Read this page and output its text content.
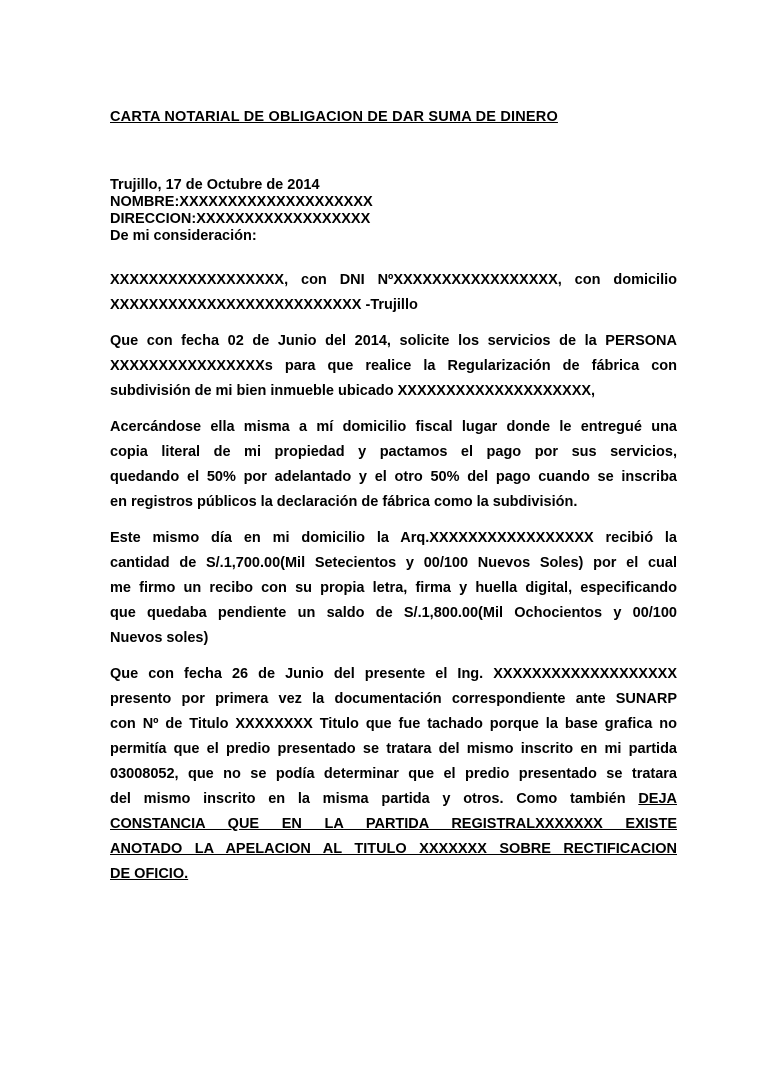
CARTA NOTARIAL DE OBLIGACION DE DAR SUMA DE DINERO
Trujillo, 17 de Octubre de 2014
NOMBRE:XXXXXXXXXXXXXXXXXXXX
DIRECCION:XXXXXXXXXXXXXXXXXX
De mi consideración:
XXXXXXXXXXXXXXXXXX, con DNI NºXXXXXXXXXXXXXXXXX, con domicilio
XXXXXXXXXXXXXXXXXXXXXXXXXX -Trujillo
Que con fecha 02 de Junio del 2014, solicite los servicios de la PERSONA
XXXXXXXXXXXXXXXXs para que realice la Regularización de fábrica con
subdivisión de mi bien inmueble ubicado XXXXXXXXXXXXXXXXXXXX,
Acercándose ella misma a mí domicilio fiscal lugar donde le entregué una
copia literal de mi propiedad y pactamos el pago por sus servicios,
quedando el 50% por adelantado y el otro 50% del pago cuando se inscriba
en registros públicos la declaración de fábrica como la subdivisión.
Este mismo día en mi domicilio la Arq.XXXXXXXXXXXXXXXXX recibió la
cantidad de S/.1,700.00(Mil Setecientos y 00/100 Nuevos Soles) por el cual
me firmo un recibo con su propia letra, firma y huella digital, especificando
que quedaba pendiente un saldo de S/.1,800.00(Mil Ochocientos y 00/100
Nuevos soles)
Que con fecha 26 de Junio del presente el Ing. XXXXXXXXXXXXXXXXXXX
presento por primera vez la documentación correspondiente ante SUNARP
con Nº de Titulo XXXXXXXX Titulo que fue tachado porque la base grafica no
permitía que el predio presentado se tratara del mismo inscrito en mi partida
03008052, que no se podía determinar que el predio presentado se tratara
del mismo inscrito en la misma partida y otros. Como también DEJA
CONSTANCIA QUE EN LA PARTIDA REGISTRALXXXXXXX EXISTE
ANOTADO LA APELACION AL TITULO XXXXXXX SOBRE RECTIFICACION
DE OFICIO.
